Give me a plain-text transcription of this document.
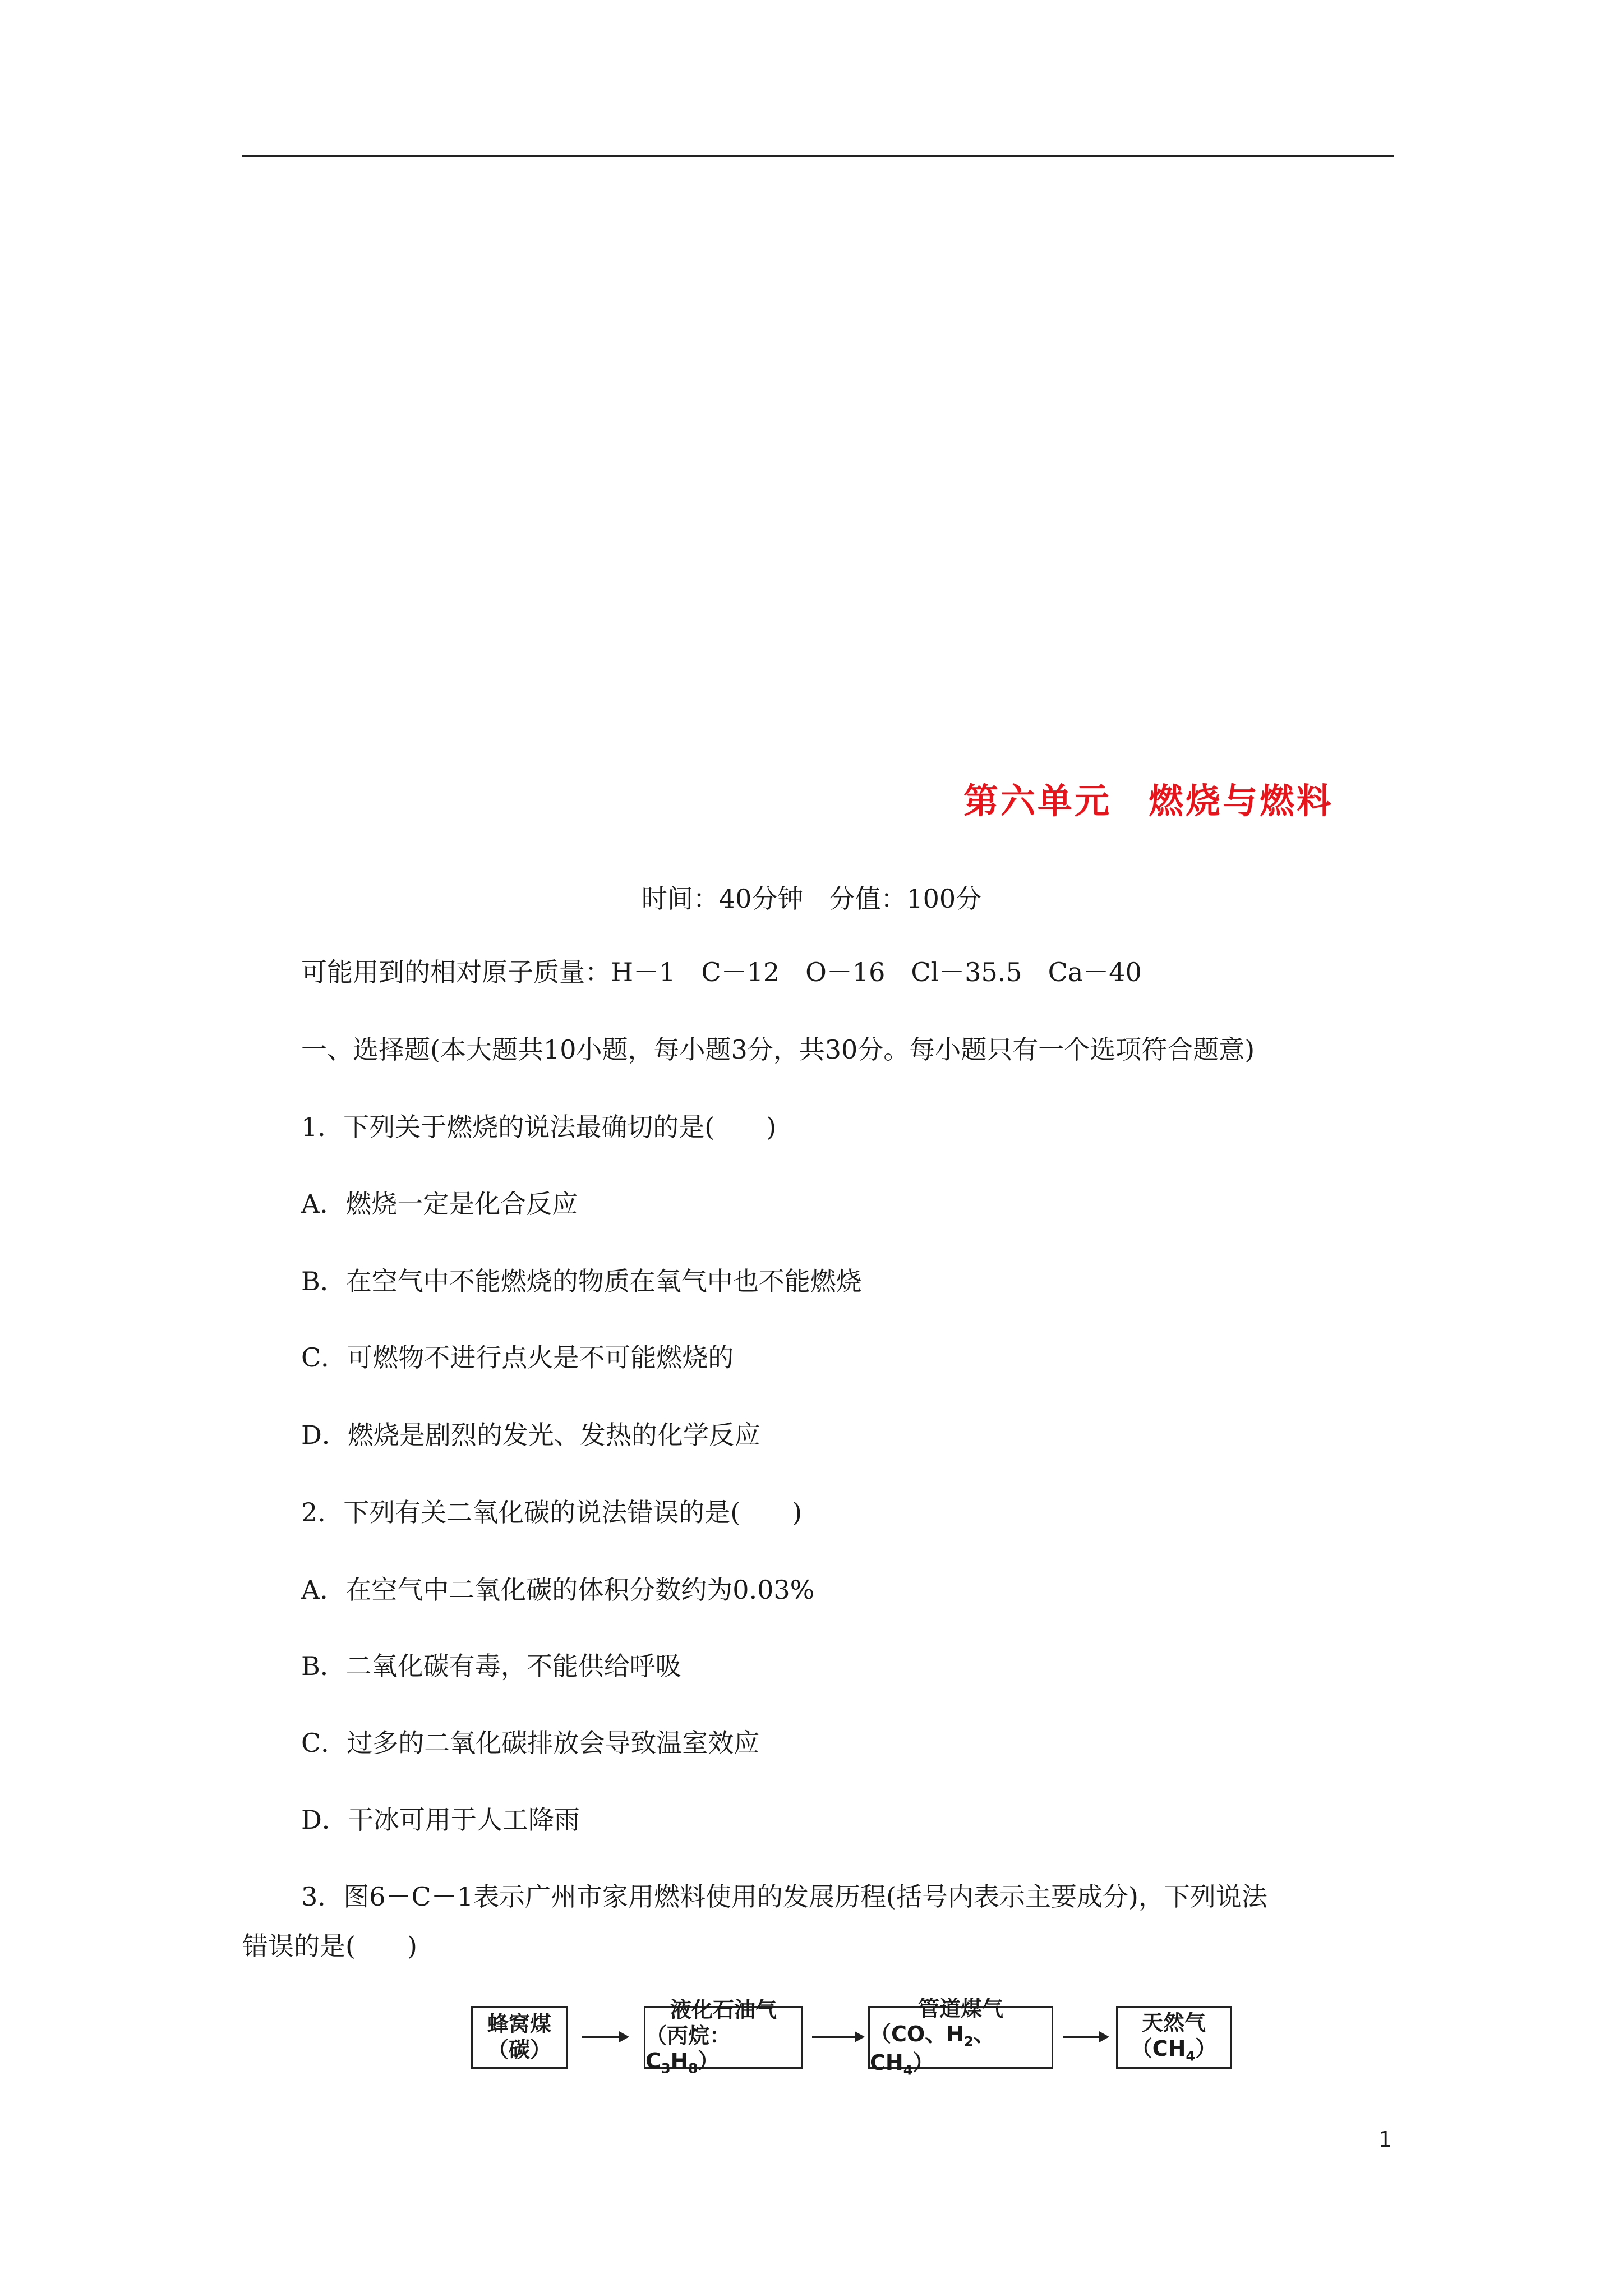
第六单元　燃烧与燃料
时间：40分钟　分值：100分
可能用到的相对原子质量：H－1　C－12　O－16　Cl－35.5　Ca－40
一、选择题(本大题共10小题，每小题3分，共30分。每小题只有一个选项符合题意)
1．下列关于燃烧的说法最确切的是(　　)
A．燃烧一定是化合反应
B．在空气中不能燃烧的物质在氧气中也不能燃烧
C．可燃物不进行点火是不可能燃烧的
D．燃烧是剧烈的发光、发热的化学反应
2．下列有关二氧化碳的说法错误的是(　　)
A．在空气中二氧化碳的体积分数约为0.03%
B．二氧化碳有毒，不能供给呼吸
C．过多的二氧化碳排放会导致温室效应
D．干冰可用于人工降雨
3．图6－C－1表示广州市家用燃料使用的发展历程(括号内表示主要成分)，下列说法
错误的是(　　)
蜂窝煤
（碳）
液化石油气
（丙烷：$C_3H_8$）
管道煤气
（CO、$H_2$、$CH_4$）
天然气
$(CH_4)$
1
